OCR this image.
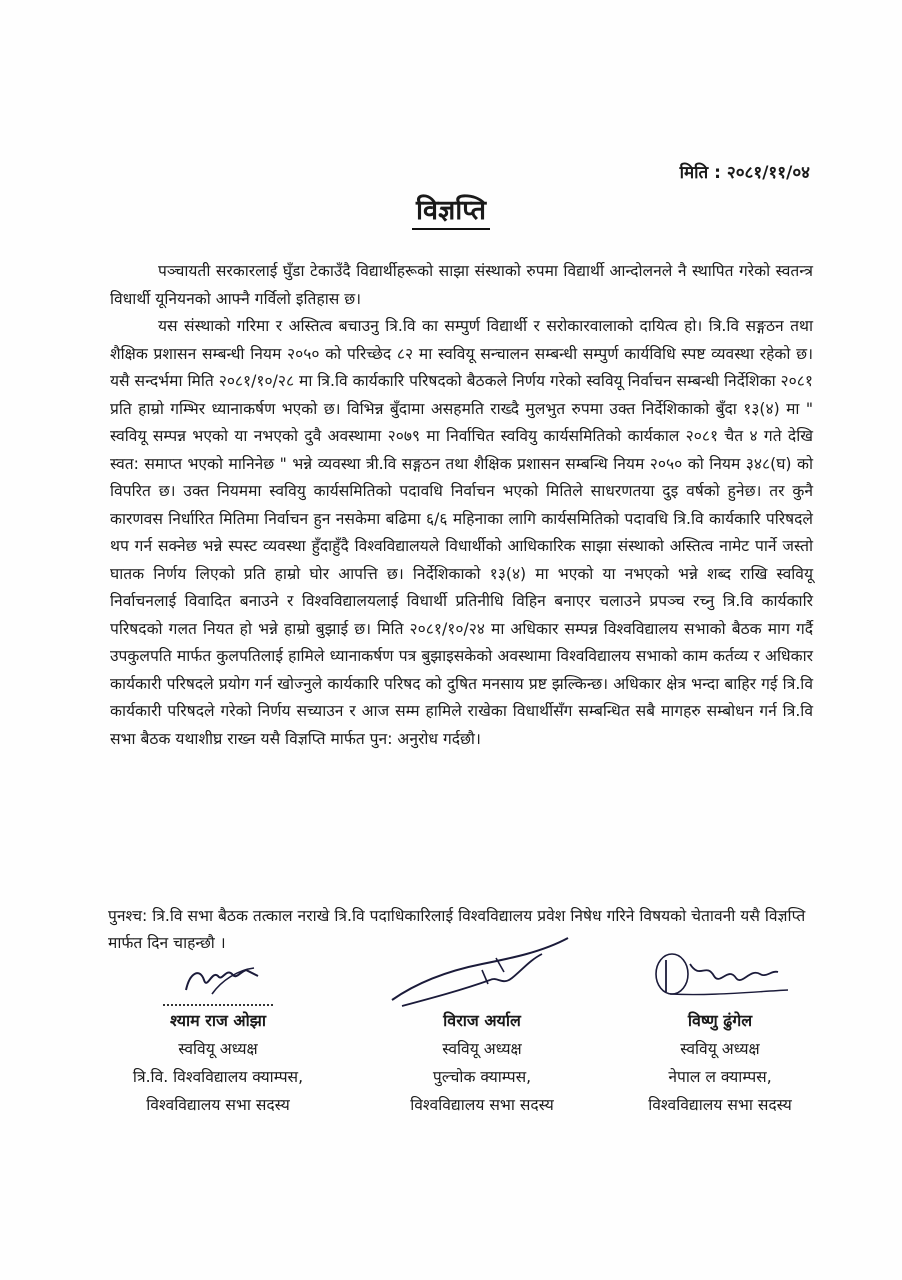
मिति : २०८१/११/०४
विज्ञप्ति

पञ्चायती सरकारलाई घुँडा टेकाउँदै विद्यार्थीहरूको साझा संस्थाको रुपमा विद्यार्थी आन्दोलनले नै स्थापित गरेको स्वतन्त्र विधार्थी यूनियनको आफ्नै गर्विलो इतिहास छ।

यस संस्थाको गरिमा र अस्तित्व बचाउनु त्रि.वि का सम्पुर्ण विद्यार्थी र सरोकारवालाको दायित्व हो। त्रि.वि सङ्गठन तथा शैक्षिक प्रशासन सम्बन्धी नियम २०५० को परिच्छेद ८२ मा स्ववियू सन्चालन सम्बन्धी सम्पुर्ण कार्यविधि स्पष्ट व्यवस्था रहेको छ। यसै सन्दर्भमा मिति २०८१/१०/२८ मा त्रि.वि कार्यकारि परिषदको बैठकले निर्णय गरेको स्ववियू निर्वाचन सम्बन्धी निर्देशिका २०८१ प्रति हाम्रो गम्भिर ध्यानाकर्षण भएको छ। विभिन्न बुँदामा असहमति राख्दै मुलभुत रुपमा उक्त निर्देशिकाको बुँदा १३(४) मा " स्ववियू सम्पन्न भएको या नभएको दुवै अवस्थामा २०७९ मा निर्वाचित स्ववियु कार्यसमितिको कार्यकाल २०८१ चैत ४ गते देखि स्वत: समाप्त भएको मानिनेछ " भन्ने व्यवस्था त्री.वि सङ्गठन तथा शैक्षिक प्रशासन सम्बन्धि नियम २०५० को नियम ३४८(घ) को विपरित छ। उक्त नियममा स्ववियु कार्यसमितिको पदावधि निर्वाचन भएको मितिले साधरणतया दुइ वर्षको हुनेछ। तर कुनै कारणवस निर्धारित मितिमा निर्वाचन हुन नसकेमा बढिमा ६/६ महिनाका लागि कार्यसमितिको पदावधि त्रि.वि कार्यकारि परिषदले थप गर्न सक्नेछ भन्ने स्पस्ट व्यवस्था हुँदाहुँदै विश्वविद्यालयले विधार्थीको आधिकारिक साझा संस्थाको अस्तित्व नामेट पार्ने जस्तो घातक निर्णय लिएको प्रति हाम्रो घोर आपत्ति छ। निर्देशिकाको १३(४) मा भएको या नभएको भन्ने शब्द राखि स्ववियू निर्वाचनलाई विवादित बनाउने र विश्वविद्यालयलाई विधार्थी प्रतिनीधि विहिन बनाएर चलाउने प्रपञ्च रच्नु त्रि.वि कार्यकारि परिषदको गलत नियत हो भन्ने हाम्रो बुझाई छ। मिति २०८१/१०/२४ मा अधिकार सम्पन्न विश्वविद्यालय सभाको बैठक माग गर्दै उपकुलपति मार्फत कुलपतिलाई हामिले ध्यानाकर्षण पत्र बुझाइसकेको अवस्थामा विश्वविद्यालय सभाको काम कर्तव्य र अधिकार कार्यकारी परिषदले प्रयोग गर्न खोज्नुले कार्यकारि परिषद को दुषित मनसाय प्रष्ट झल्किन्छ। अधिकार क्षेत्र भन्दा बाहिर गई त्रि.वि कार्यकारी परिषदले गरेको निर्णय सच्याउन र आज सम्म हामिले राखेका विधार्थीसँग सम्बन्धित सबै मागहरु सम्बोधन गर्न त्रि.वि सभा बैठक यथाशीघ्र राख्न यसै विज्ञप्ति मार्फत पुन: अनुरोध गर्दछौ।

पुनश्च: त्रि.वि सभा बैठक तत्काल नराखे त्रि.वि पदाधिकारिलाई विश्वविद्यालय प्रवेश निषेध गरिने विषयको चेतावनी यसै विज्ञप्ति मार्फत दिन चाहन्छौ ।
श्याम राज ओझा
स्ववियू अध्यक्ष
त्रि.वि. विश्वविद्यालय क्याम्पस,
विश्वविद्यालय सभा सदस्य
विराज अर्याल
स्ववियू अध्यक्ष
पुल्चोक क्याम्पस,
विश्वविद्यालय सभा सदस्य
विष्णु ढुंगेल
स्ववियू अध्यक्ष
नेपाल ल क्याम्पस,
विश्वविद्यालय सभा सदस्य
